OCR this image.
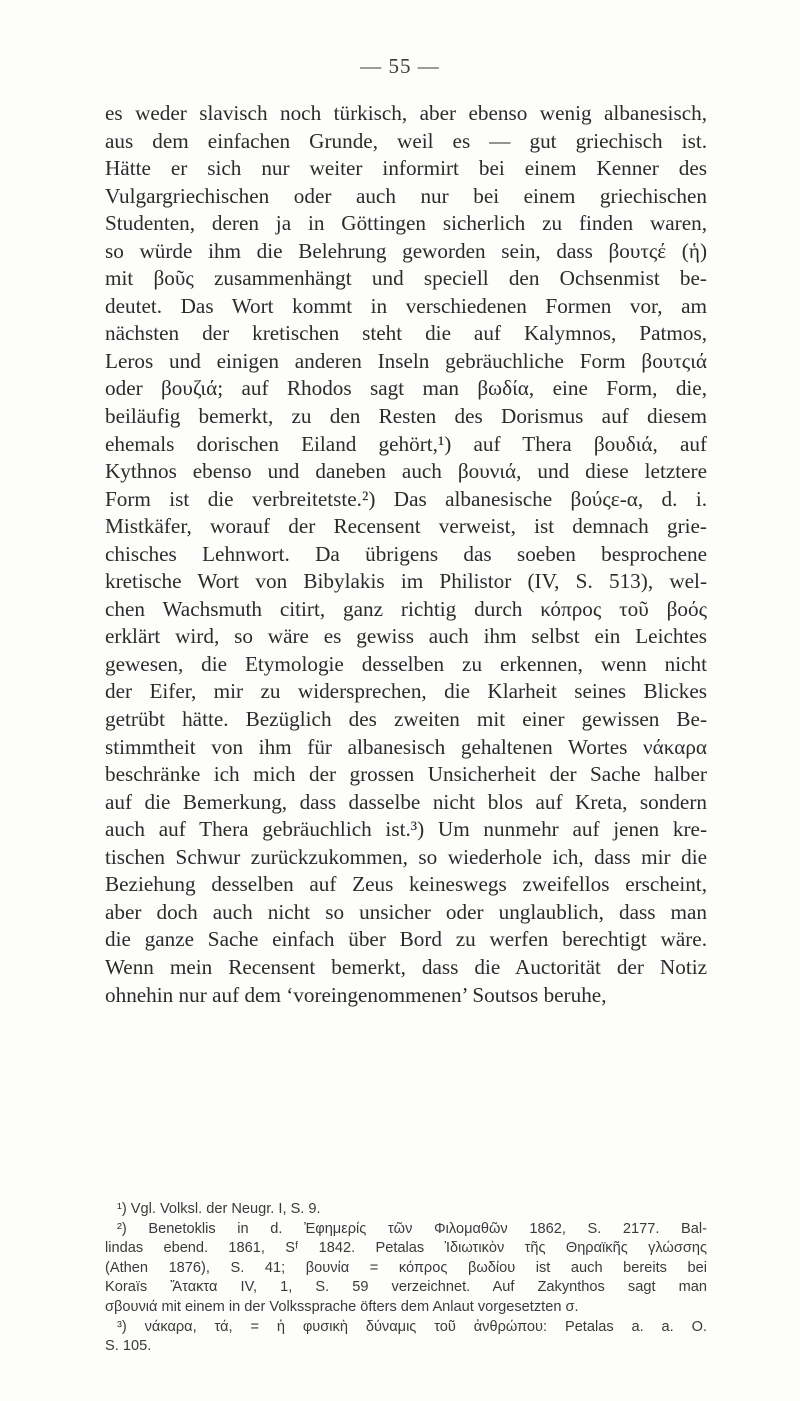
— 55 —
es weder slavisch noch türkisch, aber ebenso wenig albanesisch,
aus dem einfachen Grunde, weil es — gut griechisch ist.
Hätte er sich nur weiter informirt bei einem Kenner des
Vulgargriechischen oder auch nur bei einem griechischen
Studenten, deren ja in Göttingen sicherlich zu finden waren,
so würde ihm die Belehrung geworden sein, dass βουτςέ (ἡ)
mit βοῦς zusammenhängt und speciell den Ochsenmist be-
deutet. Das Wort kommt in verschiedenen Formen vor, am
nächsten der kretischen steht die auf Kalymnos, Patmos,
Leros und einigen anderen Inseln gebräuchliche Form βουτςιά
oder βουζιά; auf Rhodos sagt man βωδία, eine Form, die,
beiläufig bemerkt, zu den Resten des Dorismus auf diesem
ehemals dorischen Eiland gehört,¹) auf Thera βουδιά, auf
Kythnos ebenso und daneben auch βουνιά, und diese letztere
Form ist die verbreitetste.²) Das albanesische βούςε-α, d. i.
Mistkäfer, worauf der Recensent verweist, ist demnach grie-
chisches Lehnwort. Da übrigens das soeben besprochene
kretische Wort von Bibylakis im Philistor (IV, S. 513), wel-
chen Wachsmuth citirt, ganz richtig durch κόπρος τοῦ βοός
erklärt wird, so wäre es gewiss auch ihm selbst ein Leichtes
gewesen, die Etymologie desselben zu erkennen, wenn nicht
der Eifer, mir zu widersprechen, die Klarheit seines Blickes
getrübt hätte. Bezüglich des zweiten mit einer gewissen Be-
stimmtheit von ihm für albanesisch gehaltenen Wortes νάκαρα
beschränke ich mich der grossen Unsicherheit der Sache halber
auf die Bemerkung, dass dasselbe nicht blos auf Kreta, sondern
auch auf Thera gebräuchlich ist.³) Um nunmehr auf jenen kre-
tischen Schwur zurückzukommen, so wiederhole ich, dass mir die
Beziehung desselben auf Zeus keineswegs zweifellos erscheint,
aber doch auch nicht so unsicher oder unglaublich, dass man
die ganze Sache einfach über Bord zu werfen berechtigt wäre.
Wenn mein Recensent bemerkt, dass die Auctorität der Notiz
ohnehin nur auf dem ʻvoreingenommenen’ Soutsos beruhe,
¹) Vgl. Volksl. der Neugr. I, S. 9.
²) Benetoklis in d. Ἐφημερίς τῶν Φιλομαθῶν 1862, S. 2177. Bal-
lindas ebend. 1861, Sᶠ 1842. Petalas Ἰδιωτικὸν τῆς Θηραϊκῆς γλώσσης
(Athen 1876), S. 41; βουνία = κόπρος βωδίου ist auch bereits bei
Koraïs Ἄτακτα IV, 1, S. 59 verzeichnet. Auf Zakynthos sagt man
σβουνιά mit einem in der Volkssprache öfters dem Anlaut vorgesetzten σ.
³) νάκαρα, τά, = ἡ φυσικὴ δύναμις τοῦ ἀνθρώπου: Petalas a. a. O.
S. 105.
